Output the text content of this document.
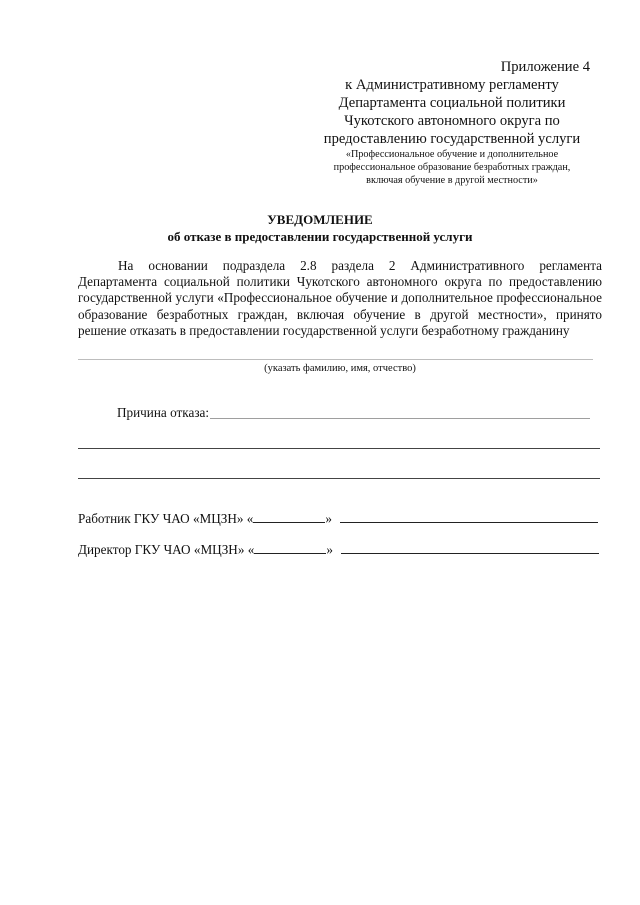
Приложение 4
к Административному регламенту
Департамента социальной политики
Чукотского автономного округа по
предоставлению государственной услуги
«Профессиональное обучение и дополнительное
профессиональное образование безработных граждан,
включая обучение в другой местности»
УВЕДОМЛЕНИЕ
об отказе в предоставлении государственной услуги
На основании подраздела 2.8 раздела 2 Административного регламента Департамента социальной политики Чукотского автономного округа по предоставлению государственной услуги «Профессиональное обучение и дополнительное профессиональное образование безработных граждан, включая обучение в другой местности», принято решение отказать в предоставлении государственной услуги безработному гражданину
(указать фамилию, имя, отчество)
Причина отказа:
Работник ГКУ ЧАО «МЦЗН» «	»
Директор ГКУ ЧАО «МЦЗН» «	»
